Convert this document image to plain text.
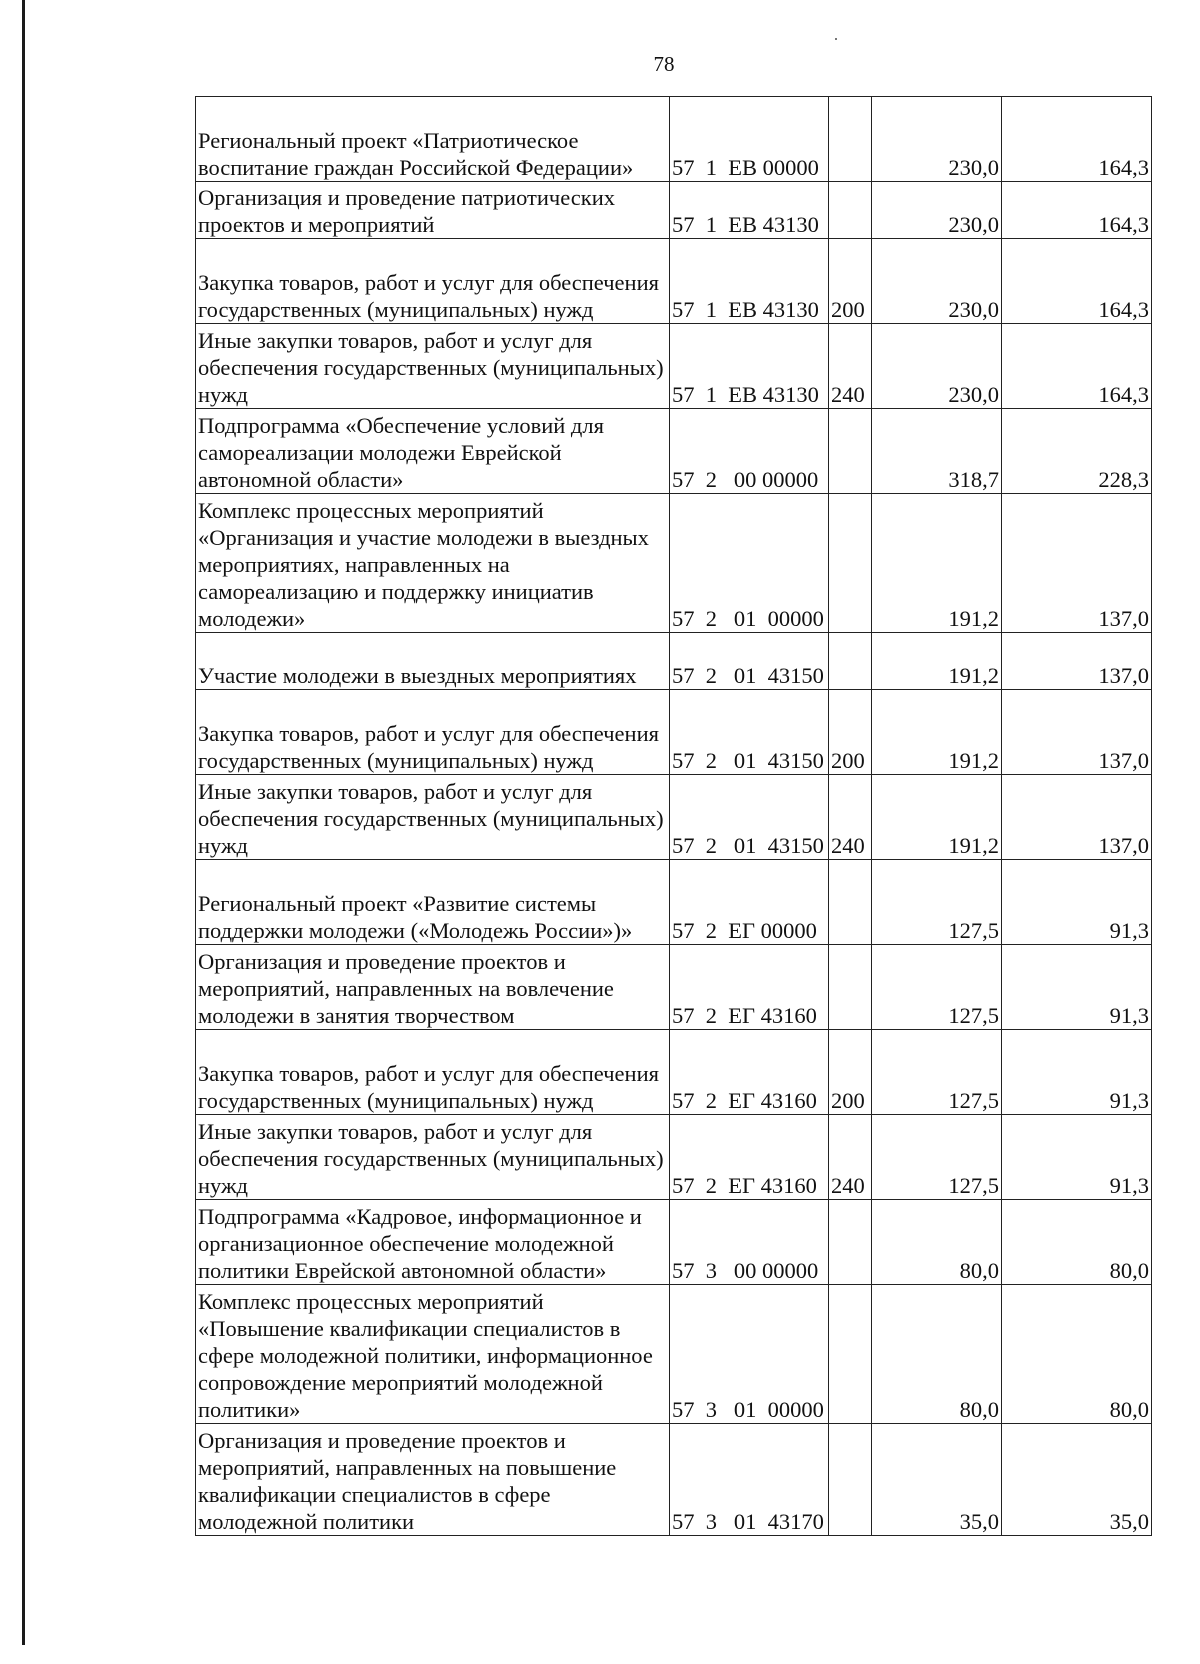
78
Региональный проект «Патриотическое воспитание граждан Российской Федерации»	57  1  ЕВ 00000		230,0	164,3
Организация и проведение патриотических проектов и мероприятий	57  1  ЕВ 43130		230,0	164,3
Закупка товаров, работ и услуг для обеспечения государственных (муниципальных) нужд	57  1  ЕВ 43130	200	230,0	164,3
Иные закупки товаров, работ и услуг для обеспечения государственных (муниципальных) нужд	57  1  ЕВ 43130	240	230,0	164,3
Подпрограмма «Обеспечение условий для самореализации молодежи Еврейской автономной области»	57  2   00 00000		318,7	228,3
Комплекс процессных мероприятий «Организация и участие молодежи в выездных мероприятиях, направленных на самореализацию и поддержку инициатив молодежи»	57  2   01  00000		191,2	137,0
Участие молодежи в выездных мероприятиях	57  2   01  43150		191,2	137,0
Закупка товаров, работ и услуг для обеспечения государственных (муниципальных) нужд	57  2   01  43150	200	191,2	137,0
Иные закупки товаров, работ и услуг для обеспечения государственных (муниципальных) нужд	57  2   01  43150	240	191,2	137,0
Региональный проект «Развитие системы поддержки молодежи («Молодежь России»)»	57  2  ЕГ 00000		127,5	91,3
Организация и проведение проектов и мероприятий, направленных на вовлечение молодежи в занятия творчеством	57  2  ЕГ 43160		127,5	91,3
Закупка товаров, работ и услуг для обеспечения государственных (муниципальных) нужд	57  2  ЕГ 43160	200	127,5	91,3
Иные закупки товаров, работ и услуг для обеспечения государственных (муниципальных) нужд	57  2  ЕГ 43160	240	127,5	91,3
Подпрограмма «Кадровое, информационное и организационное обеспечение молодежной политики Еврейской автономной области»	57  3   00 00000		80,0	80,0
Комплекс процессных мероприятий «Повышение квалификации специалистов в сфере молодежной политики, информационное сопровождение мероприятий молодежной политики»	57  3   01  00000		80,0	80,0
Организация и проведение проектов и мероприятий, направленных на повышение квалификации специалистов в сфере молодежной политики	57  3   01  43170		35,0	35,0
